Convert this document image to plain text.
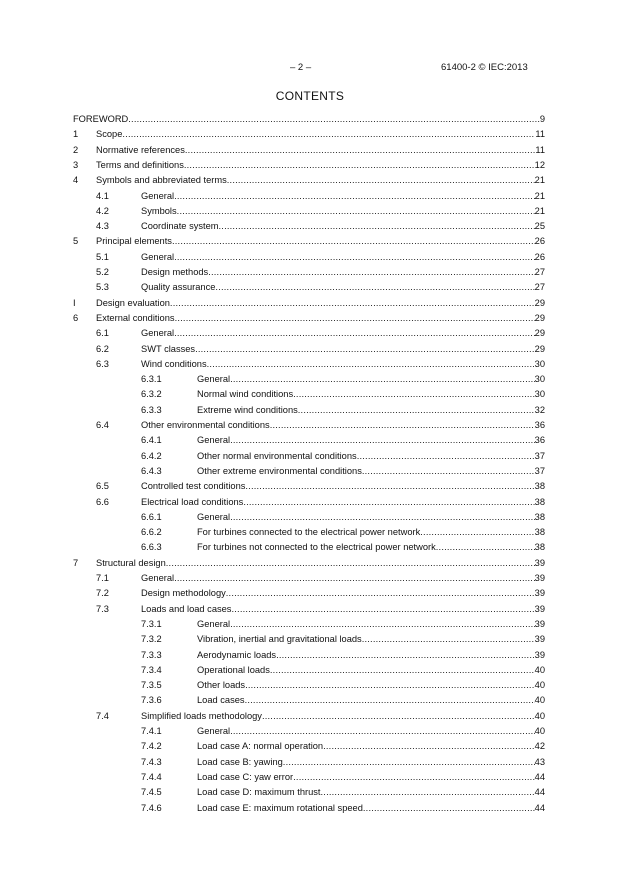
– 2 –	61400-2 © IEC:2013
CONTENTS
FOREWORD .....	9
1 Scope .....	11
2 Normative references .....	11
3 Terms and definitions .....	12
4 Symbols and abbreviated terms .....	21
4.1	General .....	21
4.2	Symbols .....	21
4.3	Coordinate system .....	25
5 Principal elements .....	26
5.1	General .....	26
5.2	Design methods .....	27
5.3	Quality assurance .....	27
I Design evaluation .....	29
6 External conditions .....	29
6.1	General .....	29
6.2	SWT classes .....	29
6.3	Wind conditions .....	30
6.3.1	General .....	30
6.3.2	Normal wind conditions .....	30
6.3.3	Extreme wind conditions .....	32
6.4	Other environmental conditions .....	36
6.4.1	General .....	36
6.4.2	Other normal environmental conditions .....	37
6.4.3	Other extreme environmental conditions .....	37
6.5	Controlled test conditions .....	38
6.6	Electrical load conditions .....	38
6.6.1	General .....	38
6.6.2	For turbines connected to the electrical power network .....	38
6.6.3	For turbines not connected to the electrical power network .....	38
7 Structural design .....	39
7.1	General .....	39
7.2	Design methodology .....	39
7.3	Loads and load cases .....	39
7.3.1	General .....	39
7.3.2	Vibration, inertial and gravitational loads .....	39
7.3.3	Aerodynamic loads .....	39
7.3.4	Operational loads .....	40
7.3.5	Other loads .....	40
7.3.6	Load cases .....	40
7.4	Simplified loads methodology .....	40
7.4.1	General .....	40
7.4.2	Load case A: normal operation .....	42
7.4.3	Load case B: yawing .....	43
7.4.4	Load case C: yaw error .....	44
7.4.5	Load case D: maximum thrust .....	44
7.4.6	Load case E: maximum rotational speed .....	44
